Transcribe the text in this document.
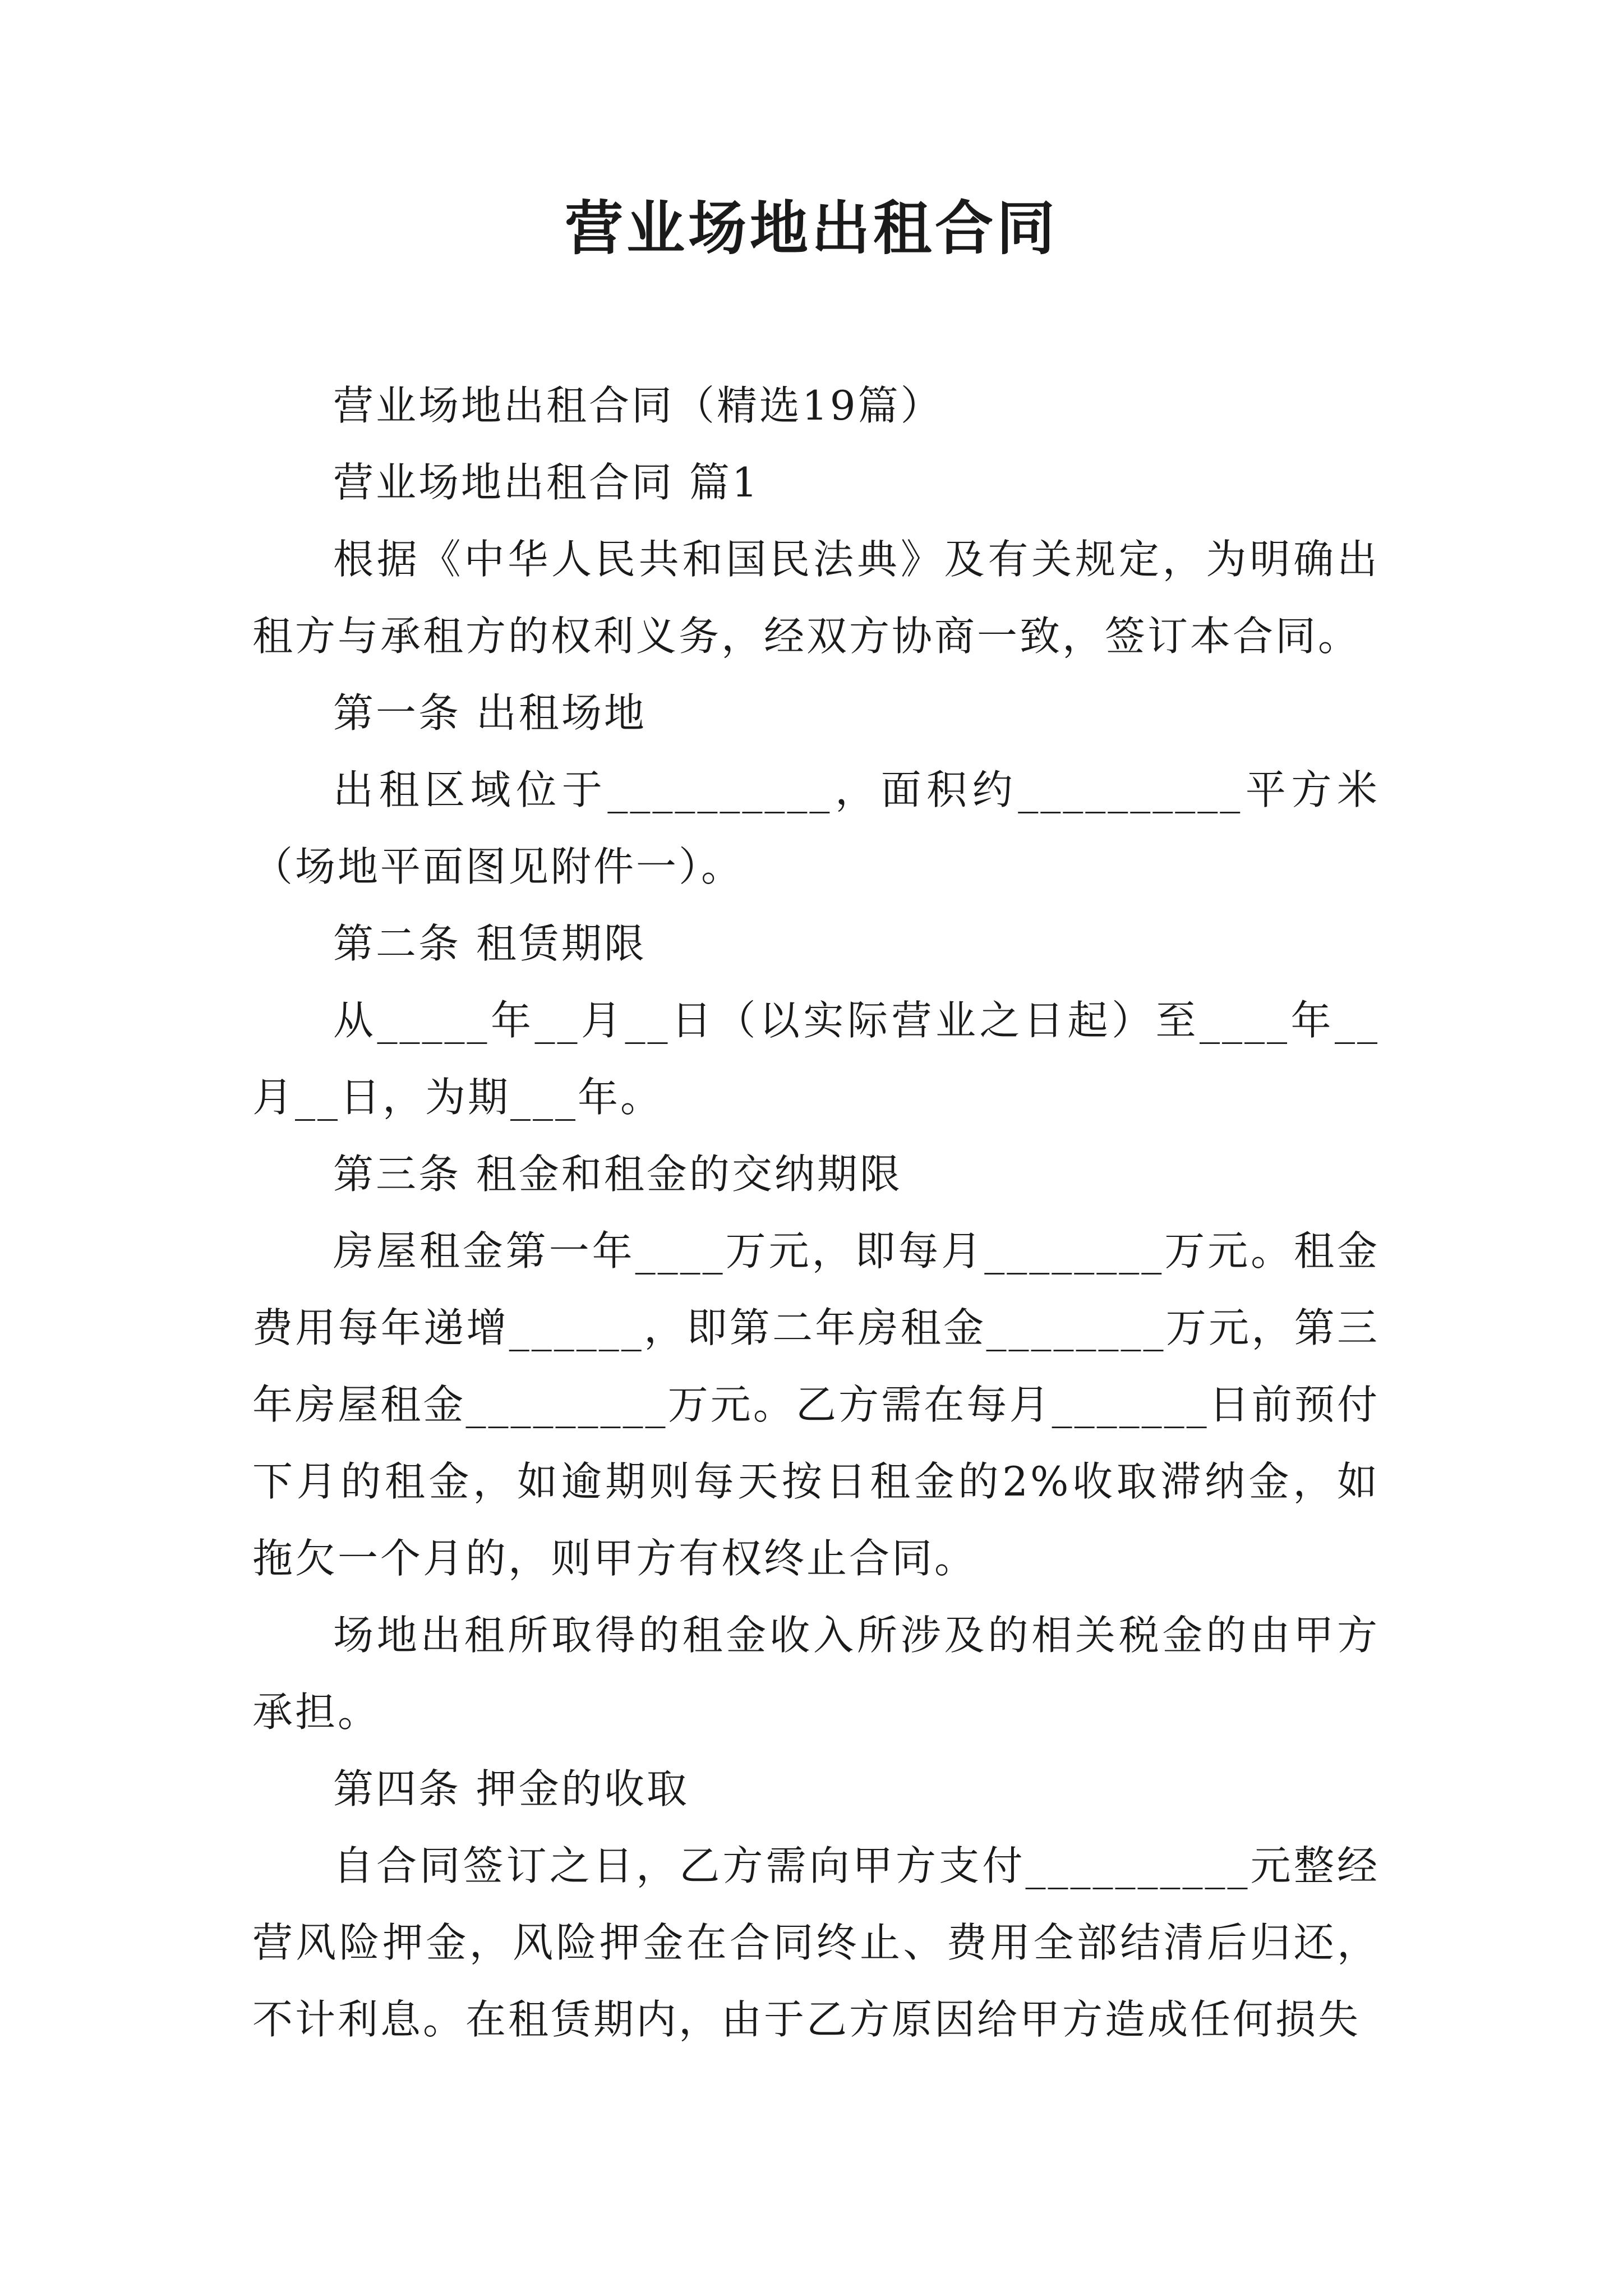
营业场地出租合同

营业场地出租合同（精选19篇）

营业场地出租合同 篇1

根据《中华人民共和国民法典》及有关规定，为明确出租方与承租方的权利义务，经双方协商一致，签订本合同。

第一条 出租场地

出租区域位于__________，面积约__________平方米（场地平面图见附件一）。

第二条 租赁期限

从_____年__月__日（以实际营业之日起）至____年__月__日，为期___年。

第三条 租金和租金的交纳期限

房屋租金第一年____万元，即每月________万元。租金费用每年递增______，即第二年房租金________万元，第三年房屋租金_________万元。乙方需在每月_______日前预付下月的租金，如逾期则每天按日租金的2%收取滞纳金，如拖欠一个月的，则甲方有权终止合同。

场地出租所取得的租金收入所涉及的相关税金的由甲方承担。

第四条 押金的收取

自合同签订之日，乙方需向甲方支付__________元整经营风险押金，风险押金在合同终止、费用全部结清后归还，不计利息。在租赁期内，由于乙方原因给甲方造成任何损失
